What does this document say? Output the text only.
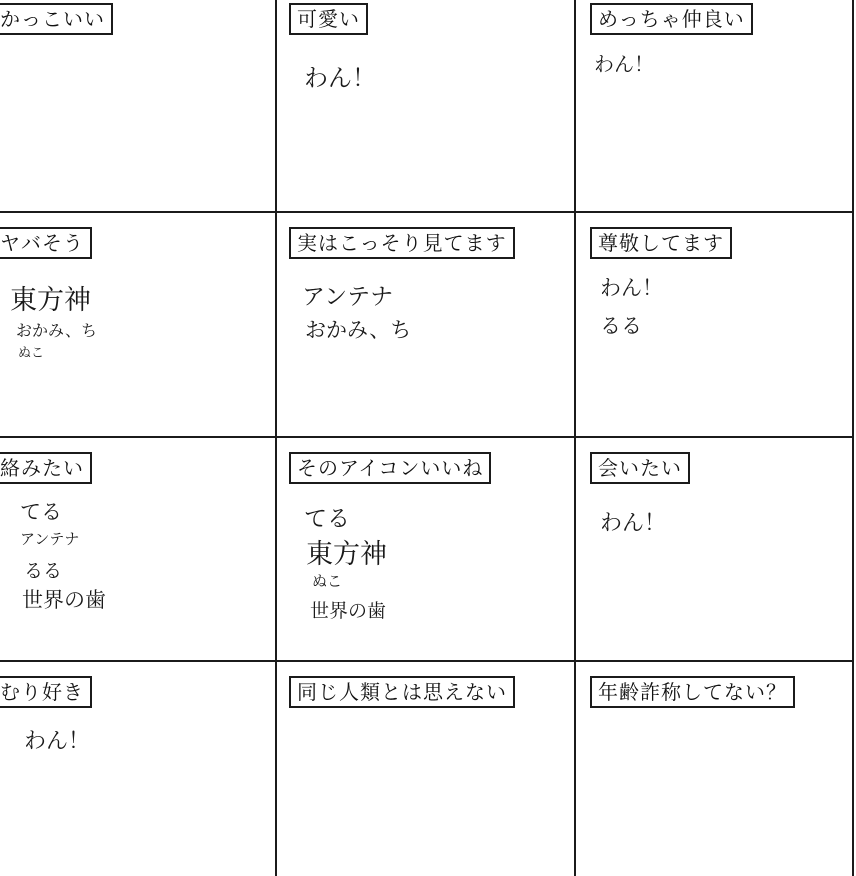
かっこいい	可愛い
わん！
めっちゃ仲良い
わん！
ヤバそう
東方神
おかみ、ち
ぬこ
実はこっそり見てます
アンテナ
おかみ、ち
尊敬してます
わん！
るる
絡みたい
てる
アンテナ
るる
世界の歯
そのアイコンいいね
てる
東方神
ぬこ
世界の歯
会いたい
わん！
むり好き
わん！
同じ人類とは思えない	年齢詐称してない？
